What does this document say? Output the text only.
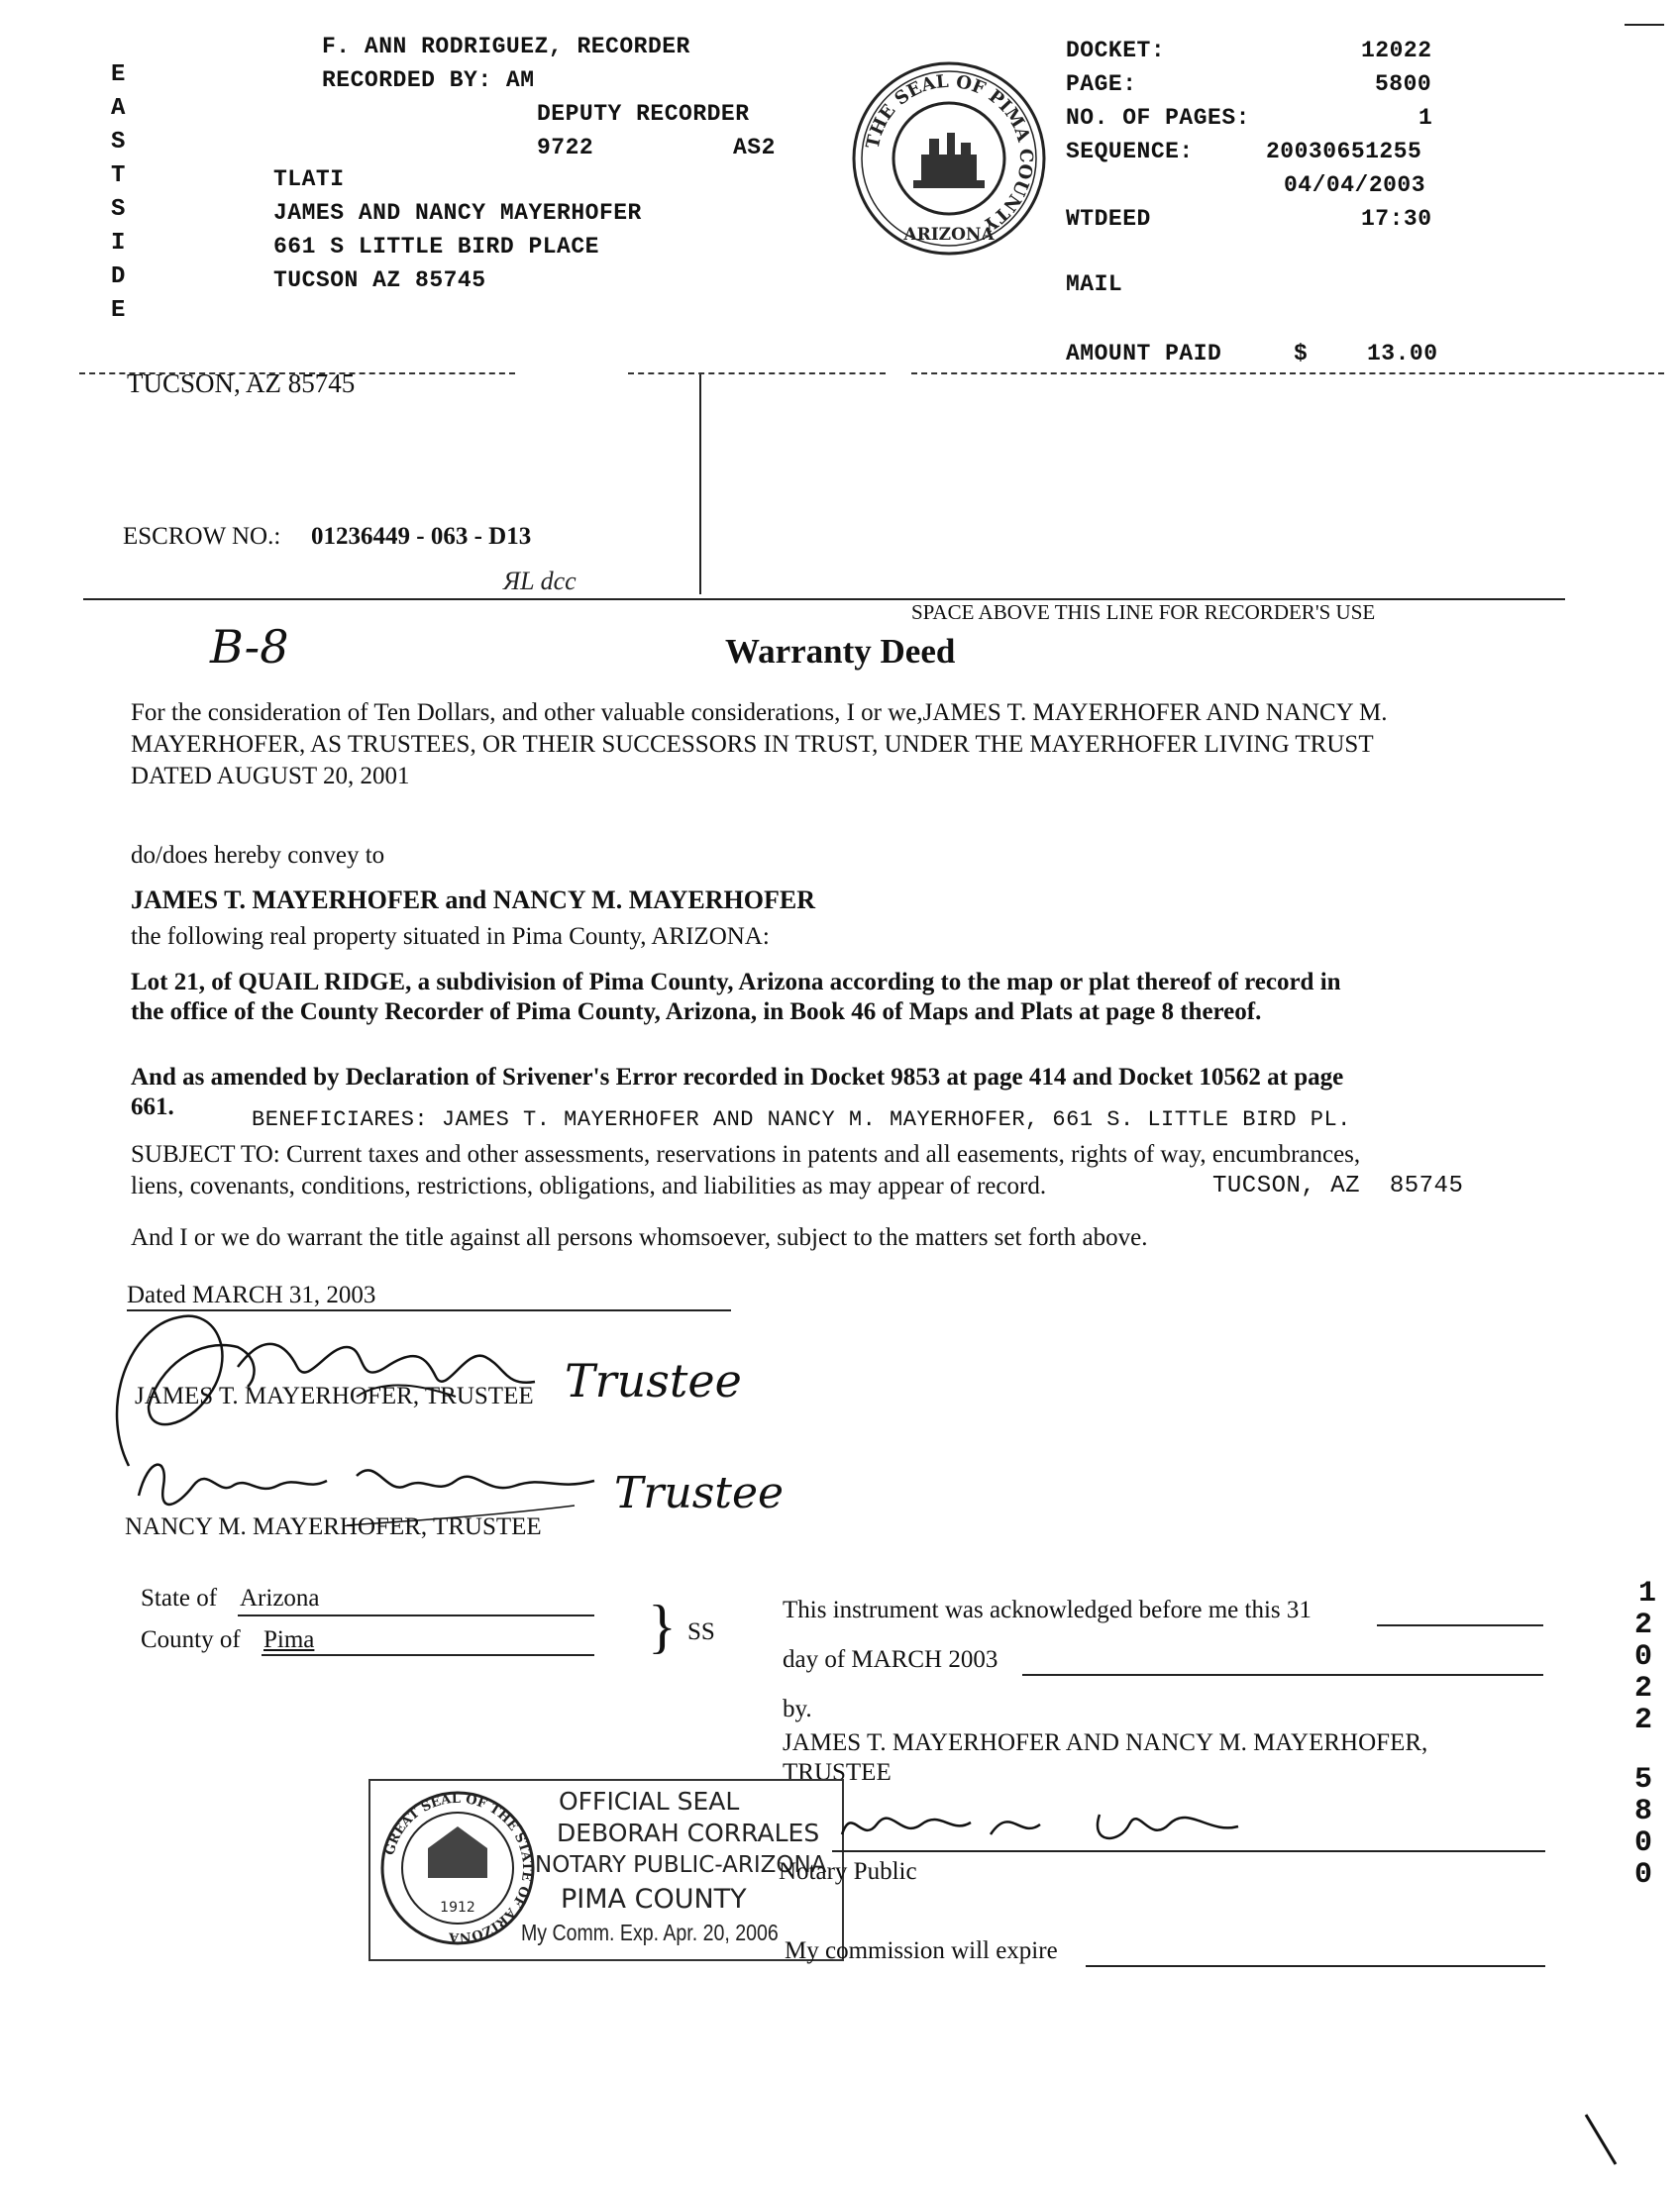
E
A
S
T
S
I
D
E
F. ANN RODRIGUEZ, RECORDER
RECORDED BY: AM
DEPUTY RECORDER
9722	AS2
TLATI
JAMES AND NANCY MAYERHOFER
661 S LITTLE BIRD PLACE
TUCSON AZ 85745
THE SEAL OF PIMA COUNTY
ARIZONA
DOCKET:	12022
PAGE:	5800
NO. OF PAGES:	1
SEQUENCE:	20030651255
04/04/2003
WTDEED	17:30
MAIL
AMOUNT PAID	$	13.00
TUCSON, AZ 85745
ESCROW NO.: 01236449 - 063 - D13
ЯL dcc
SPACE ABOVE THIS LINE FOR RECORDER'S USE
B-8	Warranty Deed
For the consideration of Ten Dollars, and other valuable considerations, I or we,JAMES T. MAYERHOFER AND NANCY M.
MAYERHOFER, AS TRUSTEES, OR THEIR SUCCESSORS IN TRUST, UNDER THE MAYERHOFER LIVING TRUST
DATED AUGUST 20, 2001
do/does hereby convey to
JAMES T. MAYERHOFER and NANCY M. MAYERHOFER
the following real property situated in Pima County, ARIZONA:
Lot 21, of QUAIL RIDGE, a subdivision of Pima County, Arizona according to the map or plat thereof of record in
the office of the County Recorder of Pima County, Arizona, in Book 46 of Maps and Plats at page 8 thereof.
And as amended by Declaration of Srivener's Error recorded in Docket 9853 at page 414 and Docket 10562 at page
661.	BENEFICIARES: JAMES T. MAYERHOFER AND NANCY M. MAYERHOFER, 661 S. LITTLE BIRD PL.
SUBJECT TO: Current taxes and other assessments, reservations in patents and all easements, rights of way, encumbrances,
liens, covenants, conditions, restrictions, obligations, and liabilities as may appear of record.	TUCSON, AZ  85745
And I or we do warrant the title against all persons whomsoever, subject to the matters set forth above.
Dated MARCH 31, 2003
Trustee
JAMES T. MAYERHOFER, TRUSTEE
Trustee
NANCY M. MAYERHOFER, TRUSTEE
State of Arizona
County of Pima	} SS
This instrument was acknowledged before me this 31
day of MARCH 2003
by.
JAMES T. MAYERHOFER AND NANCY M. MAYERHOFER,
TRUSTEE
GREAT SEAL OF THE STATE OF ARIZONA
1912
OFFICIAL SEAL
DEBORAH CORRALES
NOTARY PUBLIC-ARIZONA
PIMA COUNTY
My Comm. Exp. Apr. 20, 2006
Notary Public
My commission will expire
1
2
0
2
2
5
8
0
0
